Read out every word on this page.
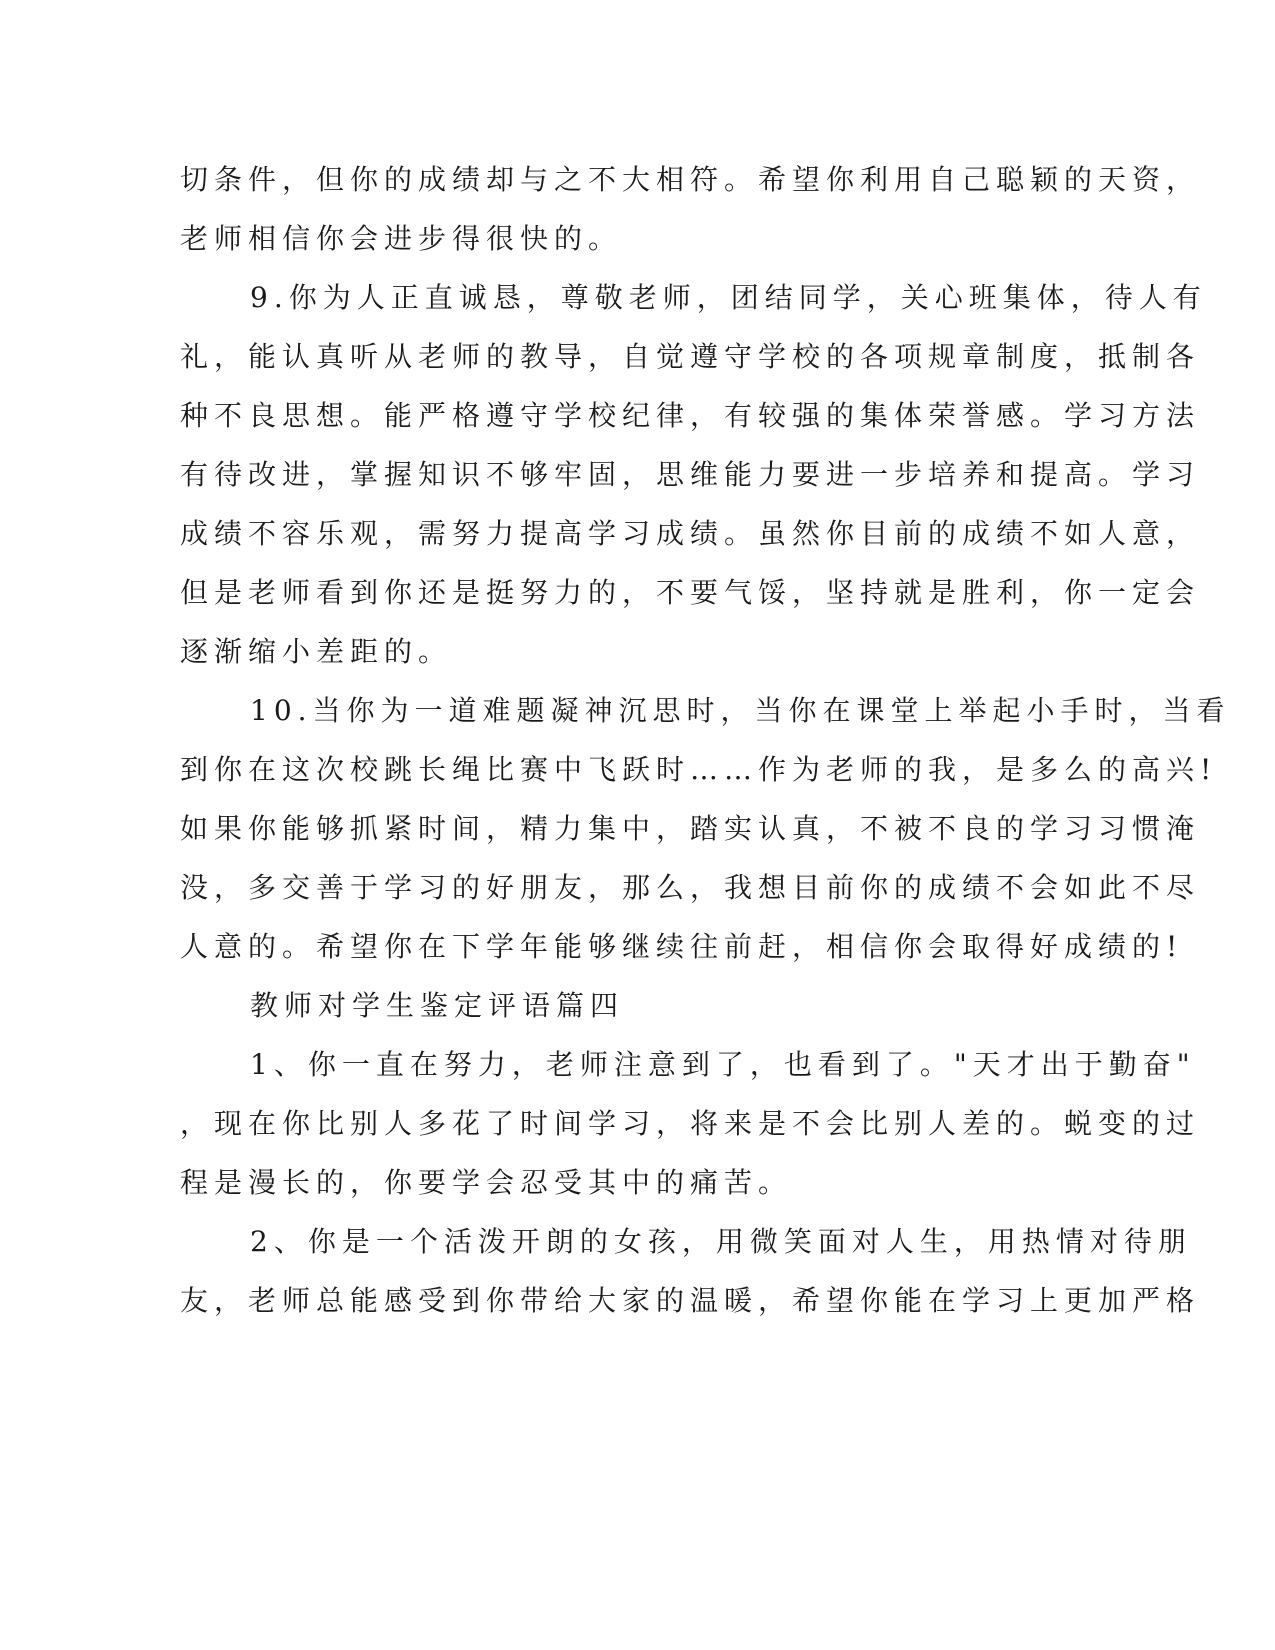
切条件，但你的成绩却与之不大相符。希望你利用自己聪颖的天资，
老师相信你会进步得很快的。
9.你为人正直诚恳，尊敬老师，团结同学，关心班集体，待人有
礼，能认真听从老师的教导，自觉遵守学校的各项规章制度，抵制各
种不良思想。能严格遵守学校纪律，有较强的集体荣誉感。学习方法
有待改进，掌握知识不够牢固，思维能力要进一步培养和提高。学习
成绩不容乐观，需努力提高学习成绩。虽然你目前的成绩不如人意，
但是老师看到你还是挺努力的，不要气馁，坚持就是胜利，你一定会
逐渐缩小差距的。
10.当你为一道难题凝神沉思时，当你在课堂上举起小手时，当看
到你在这次校跳长绳比赛中飞跃时……作为老师的我，是多么的高兴!
如果你能够抓紧时间，精力集中，踏实认真，不被不良的学习习惯淹
没，多交善于学习的好朋友，那么，我想目前你的成绩不会如此不尽
人意的。希望你在下学年能够继续往前赶，相信你会取得好成绩的!
教师对学生鉴定评语篇四
1、你一直在努力，老师注意到了，也看到了。"天才出于勤奋"
，现在你比别人多花了时间学习，将来是不会比别人差的。蜕变的过
程是漫长的，你要学会忍受其中的痛苦。
2、你是一个活泼开朗的女孩，用微笑面对人生，用热情对待朋
友，老师总能感受到你带给大家的温暖，希望你能在学习上更加严格
